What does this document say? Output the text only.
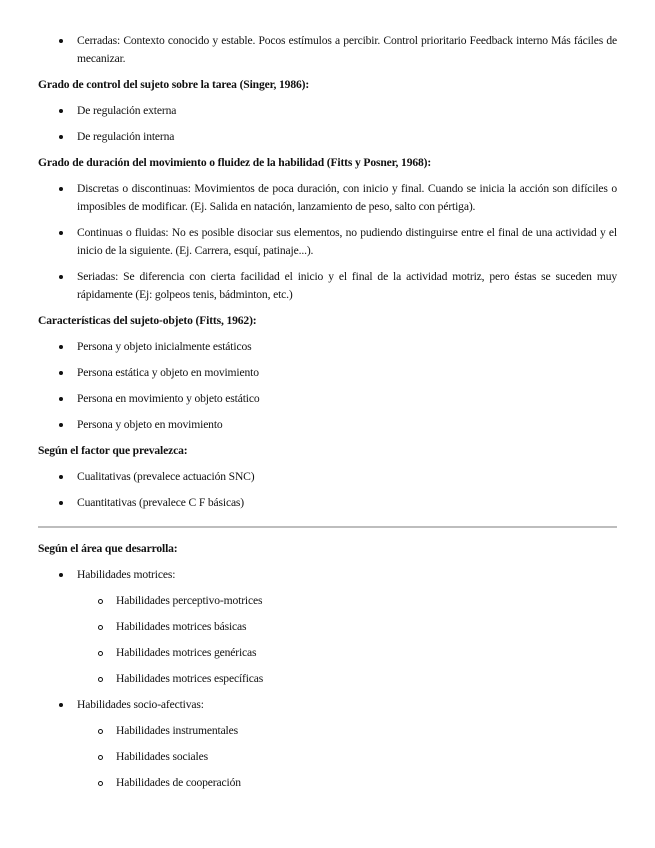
Cerradas: Contexto conocido y estable. Pocos estímulos a percibir. Control prioritario Feedback interno Más fáciles de mecanizar.
Grado de control del sujeto sobre la tarea (Singer, 1986):
De regulación externa
De regulación interna
Grado de duración del movimiento o fluidez de la habilidad (Fitts y Posner, 1968):
Discretas o discontinuas: Movimientos de poca duración, con inicio y final. Cuando se inicia la acción son difíciles o imposibles de modificar. (Ej. Salida en natación, lanzamiento de peso, salto con pértiga).
Continuas o fluidas: No es posible disociar sus elementos, no pudiendo distinguirse entre el final de una actividad y el inicio de la siguiente. (Ej. Carrera, esquí, patinaje...).
Seriadas: Se diferencia con cierta facilidad el inicio y el final de la actividad motriz, pero éstas se suceden muy rápidamente (Ej: golpeos tenis, bádminton, etc.)
Características del sujeto-objeto (Fitts, 1962):
Persona y objeto inicialmente estáticos
Persona estática y objeto en movimiento
Persona en movimiento y objeto estático
Persona y objeto en movimiento
Según el factor que prevalezca:
Cualitativas (prevalece actuación SNC)
Cuantitativas (prevalece C F básicas)
Según el área que desarrolla:
Habilidades motrices:
Habilidades perceptivo-motrices
Habilidades motrices básicas
Habilidades motrices genéricas
Habilidades motrices específicas
Habilidades socio-afectivas:
Habilidades instrumentales
Habilidades sociales
Habilidades de cooperación
